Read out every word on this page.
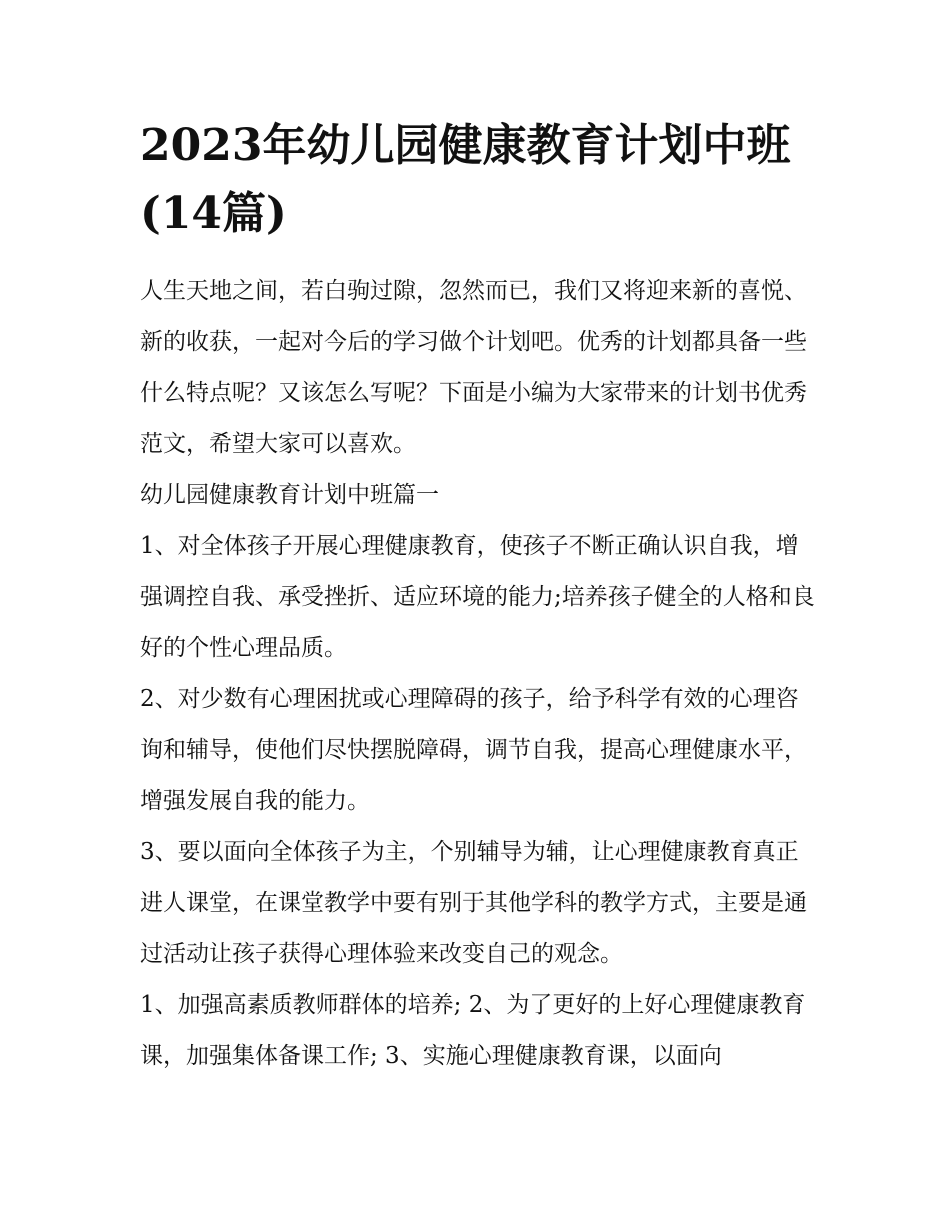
2023年幼儿园健康教育计划中班(14篇)

人生天地之间，若白驹过隙，忽然而已，我们又将迎来新的喜悦、新的收获，一起对今后的学习做个计划吧。优秀的计划都具备一些什么特点呢？又该怎么写呢？下面是小编为大家带来的计划书优秀范文，希望大家可以喜欢。

幼儿园健康教育计划中班篇一

1、对全体孩子开展心理健康教育，使孩子不断正确认识自我，增强调控自我、承受挫折、适应环境的能力;培养孩子健全的人格和良好的个性心理品质。

2、对少数有心理困扰或心理障碍的孩子，给予科学有效的心理咨询和辅导，使他们尽快摆脱障碍，调节自我，提高心理健康水平，增强发展自我的能力。

3、要以面向全体孩子为主，个别辅导为辅，让心理健康教育真正进人课堂，在课堂教学中要有别于其他学科的教学方式，主要是通过活动让孩子获得心理体验来改变自己的观念。

1、加强高素质教师群体的培养; 2、为了更好的上好心理健康教育课，加强集体备课工作; 3、实施心理健康教育课，以面向
